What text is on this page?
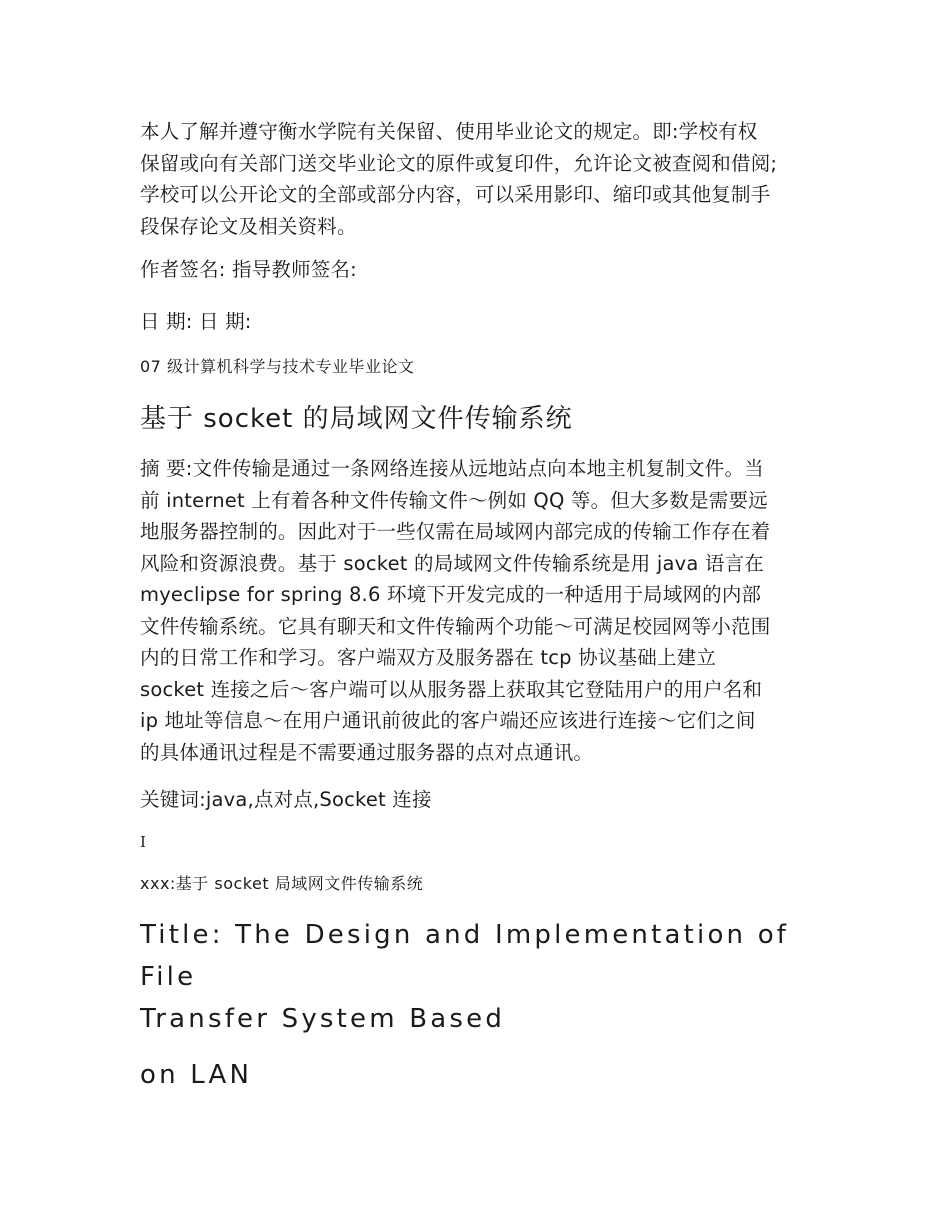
本人了解并遵守衡水学院有关保留、使用毕业论文的规定。即:学校有权
保留或向有关部门送交毕业论文的原件或复印件，允许论文被查阅和借阅;
学校可以公开论文的全部或部分内容，可以采用影印、缩印或其他复制手
段保存论文及相关资料。

作者签名: 指导教师签名:

日 期: 日 期:

07 级计算机科学与技术专业毕业论文

基于 socket 的局域网文件传输系统

摘 要:文件传输是通过一条网络连接从远地站点向本地主机复制文件。当
前 internet 上有着各种文件传输文件～例如 QQ 等。但大多数是需要远
地服务器控制的。因此对于一些仅需在局域网内部完成的传输工作存在着
风险和资源浪费。基于 socket 的局域网文件传输系统是用 java 语言在
myeclipse for spring 8.6 环境下开发完成的一种适用于局域网的内部
文件传输系统。它具有聊天和文件传输两个功能～可满足校园网等小范围
内的日常工作和学习。客户端双方及服务器在 tcp 协议基础上建立
socket 连接之后～客户端可以从服务器上获取其它登陆用户的用户名和
ip 地址等信息～在用户通讯前彼此的客户端还应该进行连接～它们之间
的具体通讯过程是不需要通过服务器的点对点通讯。

关键词:java,点对点,Socket 连接

I

xxx:基于 socket 局域网文件传输系统

Title: The Design and Implementation of File
Transfer System Based

on LAN
